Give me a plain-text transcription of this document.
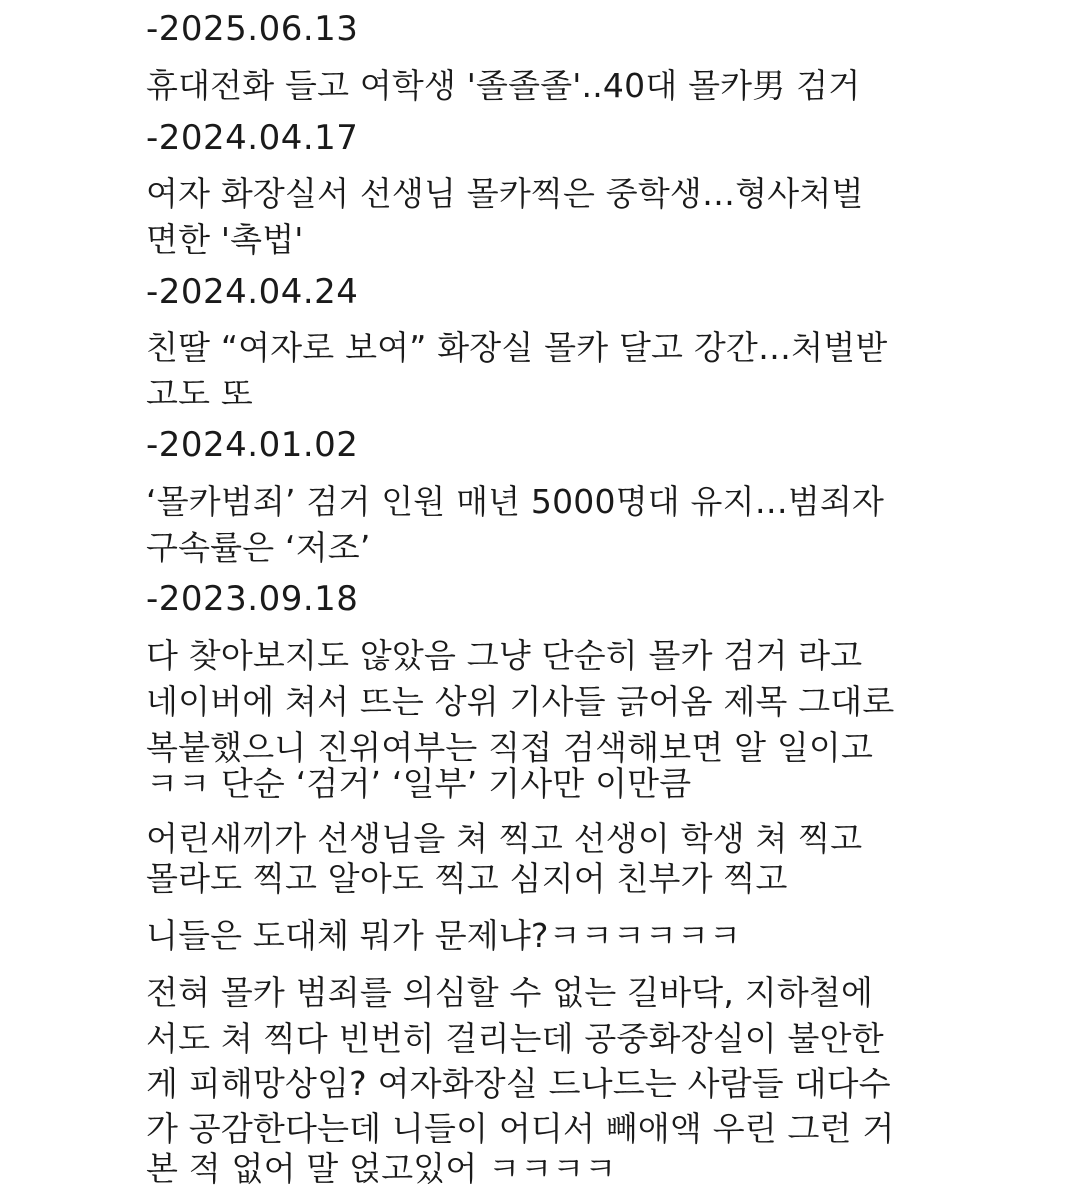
-2025.06.13
휴대전화 들고 여학생 '졸졸졸'..40대 몰카男 검거
-2024.04.17
여자 화장실서 선생님 몰카찍은 중학생…형사처벌
면한 '촉법'
-2024.04.24
친딸 “여자로 보여” 화장실 몰카 달고 강간…처벌받
고도 또
-2024.01.02
‘몰카범죄’ 검거 인원 매년 5000명대 유지…범죄자
구속률은 ‘저조’
-2023.09.18
다 찾아보지도 않았음 그냥 단순히 몰카 검거 라고
네이버에 쳐서 뜨는 상위 기사들 긁어옴 제목 그대로
복붙했으니 진위여부는 직접 검색해보면 알 일이고
ㅋㅋ 단순 ‘검거’ ‘일부’ 기사만 이만큼
어린새끼가 선생님을 쳐 찍고 선생이 학생 쳐 찍고
몰라도 찍고 알아도 찍고 심지어 친부가 찍고
니들은 도대체 뭐가 문제냐?ㅋㅋㅋㅋㅋㅋ
전혀 몰카 범죄를 의심할 수 없는 길바닥, 지하철에
서도 쳐 찍다 빈번히 걸리는데 공중화장실이 불안한
게 피해망상임? 여자화장실 드나드는 사람들 대다수
가 공감한다는데 니들이 어디서 빼애액 우린 그런 거
본 적 없어 말 얹고있어 ㅋㅋㅋㅋ
